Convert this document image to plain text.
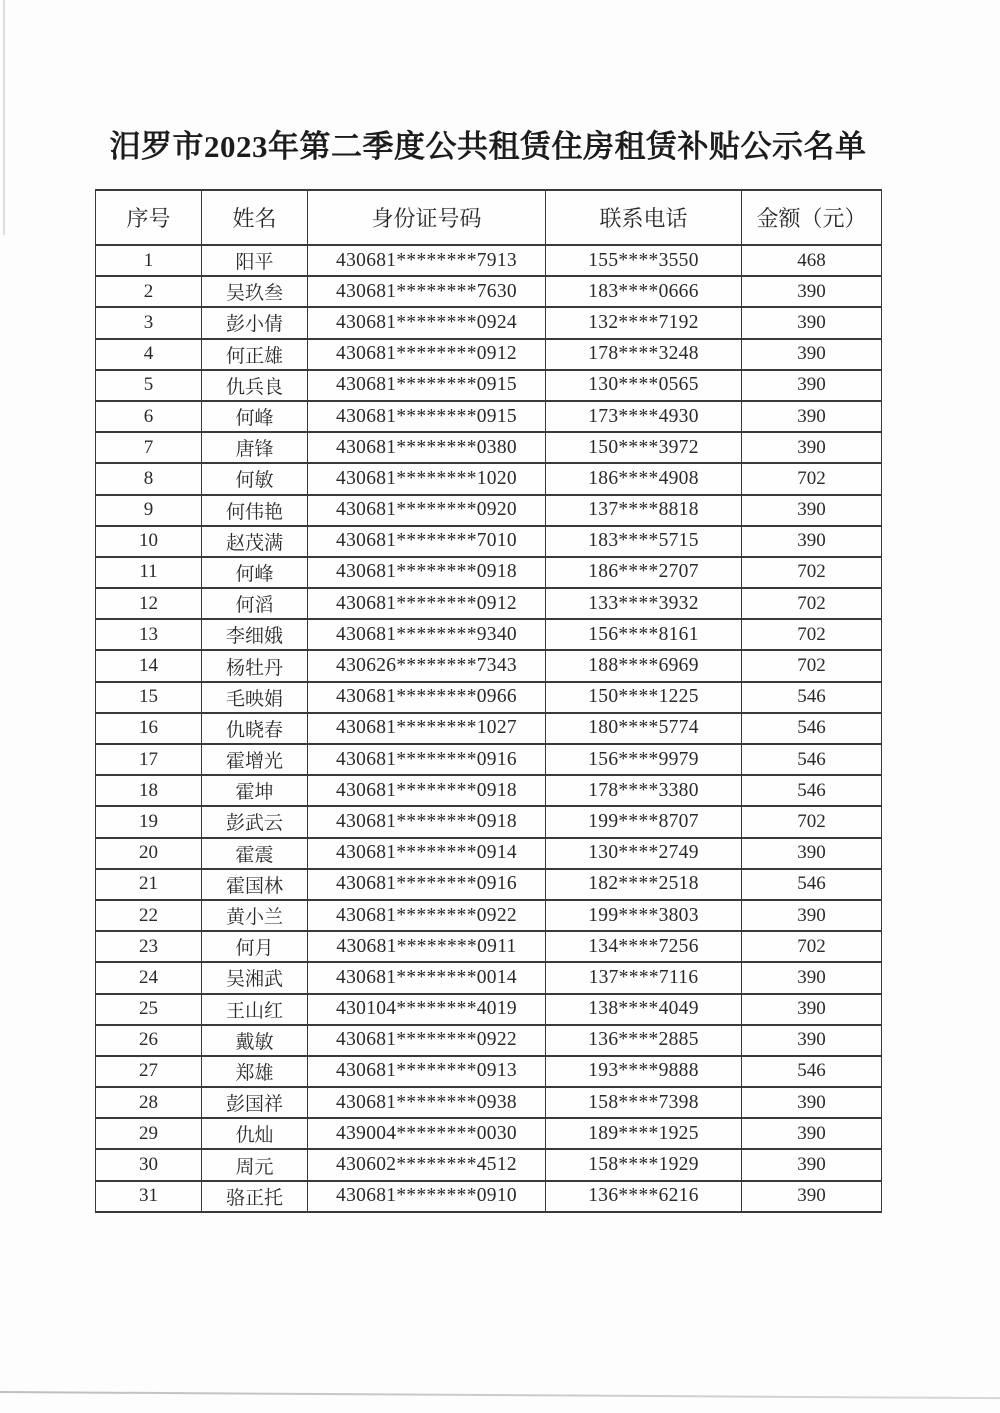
汨罗市2023年第二季度公共租赁住房租赁补贴公示名单
序号	姓名	身份证号码	联系电话	金额（元）
1	阳平	430681********7913	155****3550	468
2	吴玖叁	430681********7630	183****0666	390
3	彭小倩	430681********0924	132****7192	390
4	何正雄	430681********0912	178****3248	390
5	仇兵良	430681********0915	130****0565	390
6	何峰	430681********0915	173****4930	390
7	唐锋	430681********0380	150****3972	390
8	何敏	430681********1020	186****4908	702
9	何伟艳	430681********0920	137****8818	390
10	赵茂满	430681********7010	183****5715	390
11	何峰	430681********0918	186****2707	702
12	何滔	430681********0912	133****3932	702
13	李细娥	430681********9340	156****8161	702
14	杨牡丹	430626********7343	188****6969	702
15	毛映娟	430681********0966	150****1225	546
16	仇晓春	430681********1027	180****5774	546
17	霍增光	430681********0916	156****9979	546
18	霍坤	430681********0918	178****3380	546
19	彭武云	430681********0918	199****8707	702
20	霍震	430681********0914	130****2749	390
21	霍国林	430681********0916	182****2518	546
22	黄小兰	430681********0922	199****3803	390
23	何月	430681********0911	134****7256	702
24	吴湘武	430681********0014	137****7116	390
25	王山红	430104********4019	138****4049	390
26	戴敏	430681********0922	136****2885	390
27	郑雄	430681********0913	193****9888	546
28	彭国祥	430681********0938	158****7398	390
29	仇灿	439004********0030	189****1925	390
30	周元	430602********4512	158****1929	390
31	骆正托	430681********0910	136****6216	390
